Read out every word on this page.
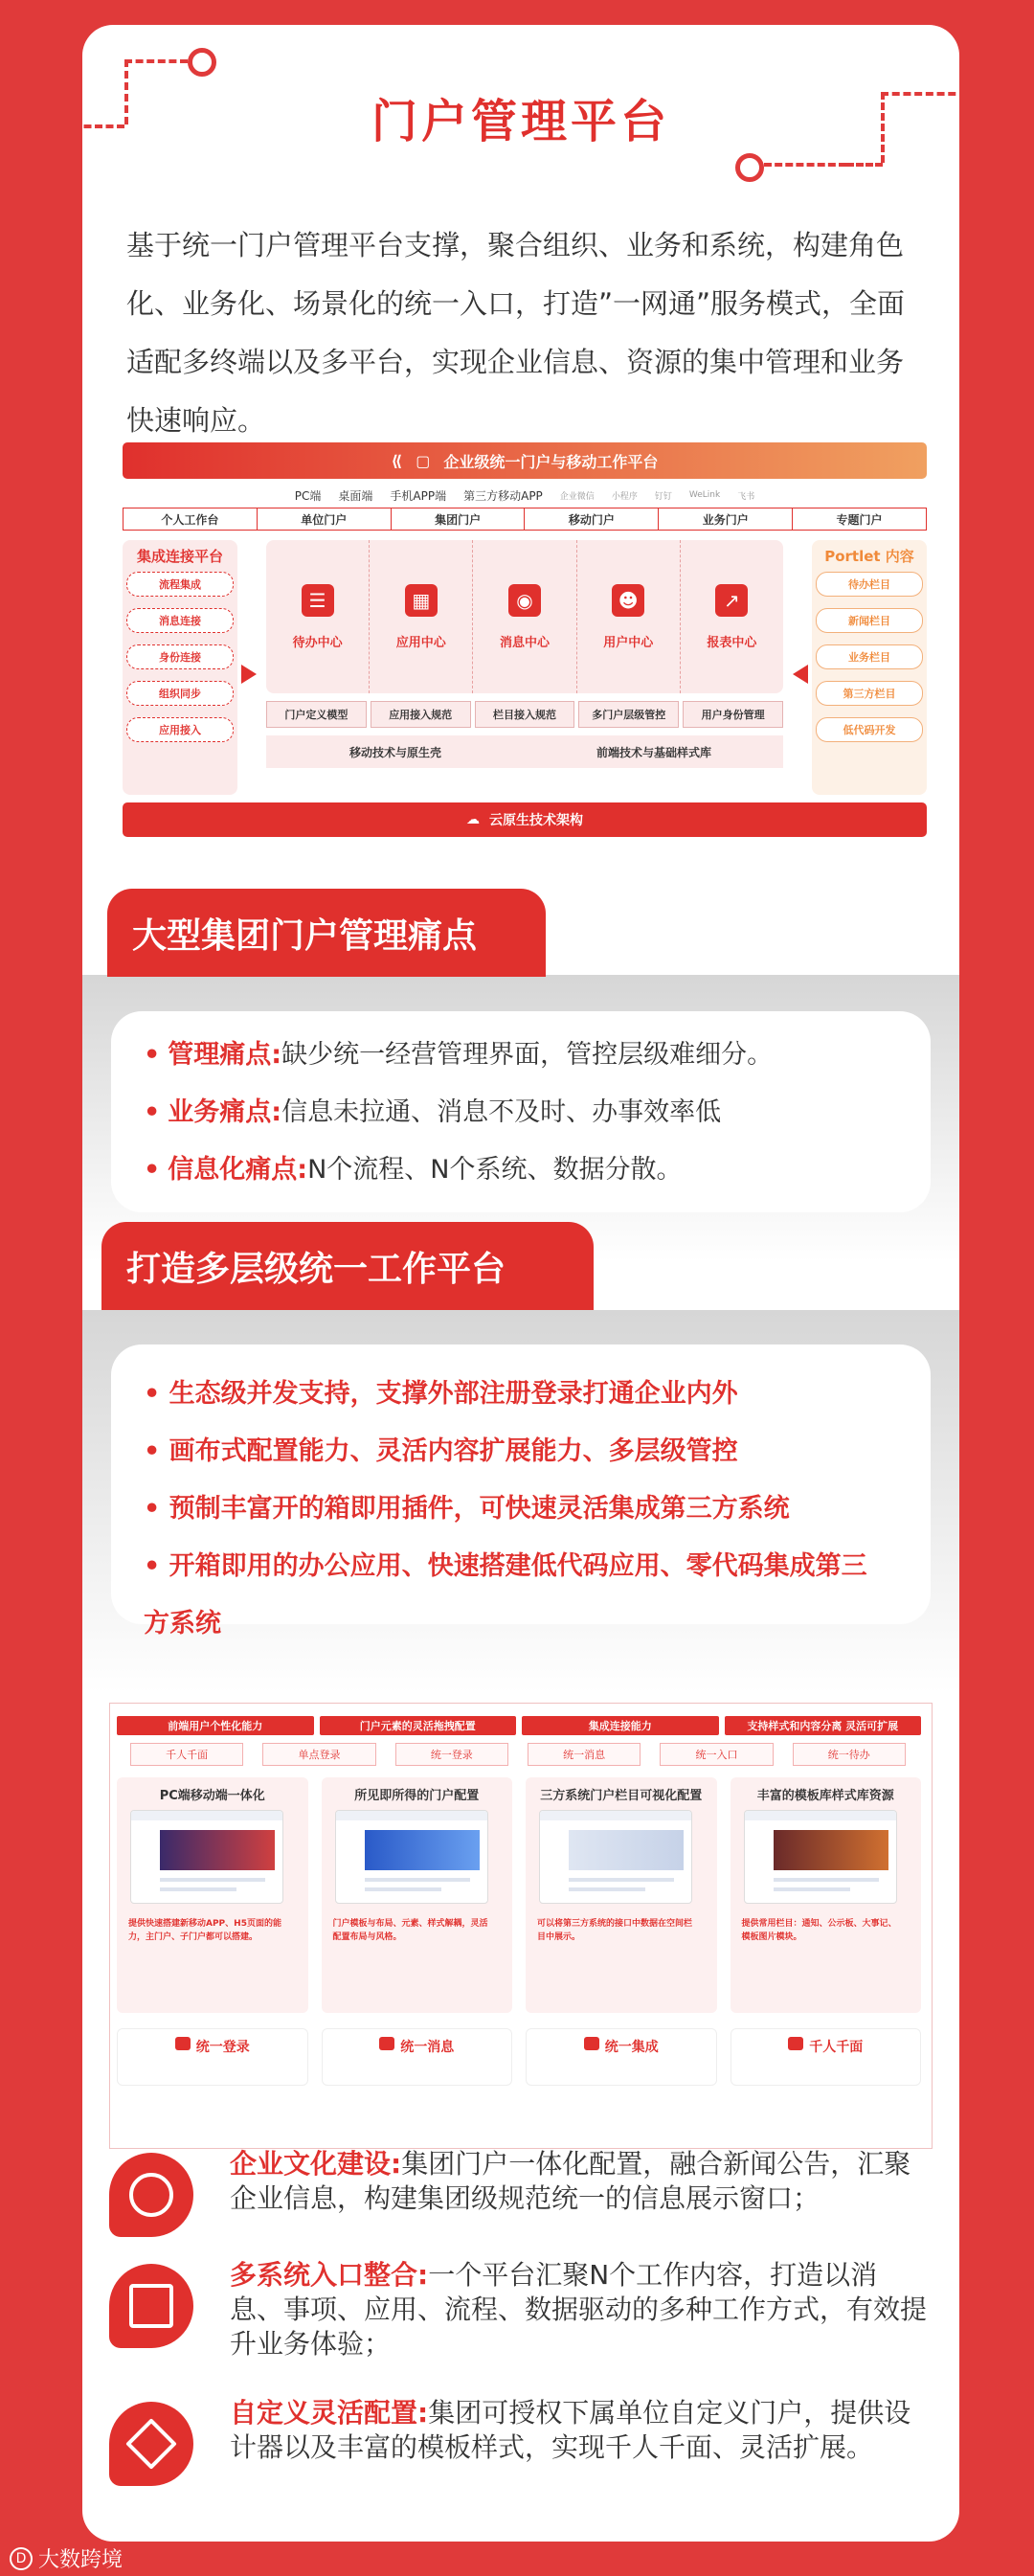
门户管理平台
基于统一门户管理平台支撑，聚合组织、业务和系统，构建角色化、业务化、场景化的统一入口，打造”一网通”服务模式，全面适配多终端以及多平台，实现企业信息、资源的集中管理和业务快速响应。
⟪ ▢ 企业级统一门户与移动工作平台
PC端 桌面端 手机APP端 第三方移动APP 企业微信 小程序 钉钉 WeLink 飞书
个人工作台	单位门户	集团门户	移动门户	业务门户	专题门户
集成连接平台
流程集成
消息连接
身份连接
组织同步
应用接入
☰
待办中心
▦
应用中心
◉
消息中心
☻
用户中心
↗
报表中心
门户定义模型	应用接入规范	栏目接入规范	多门户层级管控	用户身份管理
移动技术与原生壳	前端技术与基础样式库
Portlet 内容
待办栏目
新闻栏目
业务栏目
第三方栏目
低代码开发
☁ 云原生技术架构
大型集团门户管理痛点
• 管理痛点:缺少统一经营管理界面，管控层级难细分。
• 业务痛点:信息未拉通、消息不及时、办事效率低
• 信息化痛点:N个流程、N个系统、数据分散。
打造多层级统一工作平台
• 生态级并发支持，支撑外部注册登录打通企业内外
• 画布式配置能力、灵活内容扩展能力、多层级管控
• 预制丰富开的箱即用插件，可快速灵活集成第三方系统
• 开箱即用的办公应用、快速搭建低代码应用、零代码集成第三方系统
前端用户个性化能力	门户元素的灵活拖拽配置	集成连接能力	支持样式和内容分离 灵活可扩展
千人千面	单点登录	统一登录	统一消息	统一入口	统一待办
PC端移动端一体化
提供快速搭建新移动APP、H5页面的能力，主门户、子门户都可以搭建。
所见即所得的门户配置
门户模板与布局、元素、样式解耦，灵活配置布局与风格。
三方系统门户栏目可视化配置
可以将第三方系统的接口中数据在空间栏目中展示。
丰富的模板库样式库资源
提供常用栏目：通知、公示板、大事记、模板图片模块。
统一登录	统一消息	统一集成	千人千面
企业文化建设:集团门户一体化配置，融合新闻公告，汇聚企业信息，构建集团级规范统一的信息展示窗口；
多系统入口整合:一个平台汇聚N个工作内容，打造以消息、事项、应用、流程、数据驱动的多种工作方式，有效提升业务体验；
自定义灵活配置:集团可授权下属单位自定义门户，提供设计器以及丰富的模板样式，实现千人千面、灵活扩展。
D 大数跨境
